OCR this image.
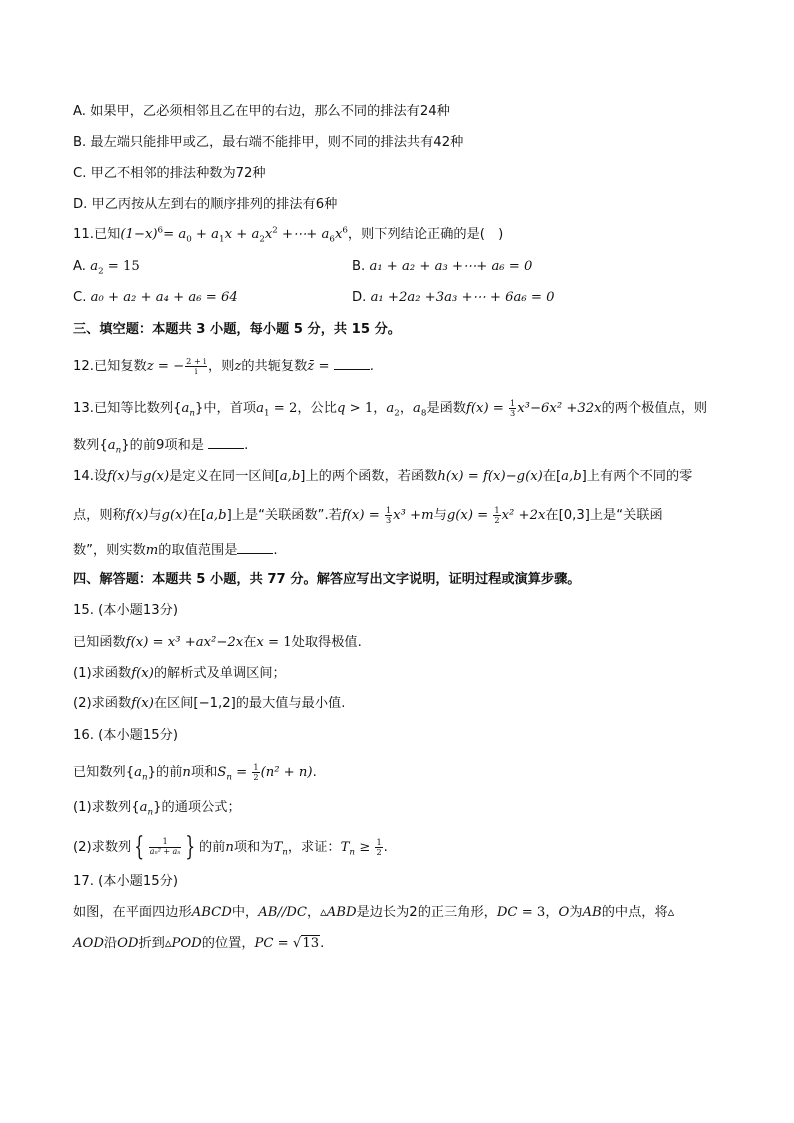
A. 如果甲，乙必须相邻且乙在甲的右边，那么不同的排法有24种
B. 最左端只能排甲或乙，最右端不能排甲，则不同的排法共有42种
C. 甲乙不相邻的排法种数为72种
D. 甲乙丙按从左到右的顺序排列的排法有6种
11.已知$(1-x)^6= a_0 + a_1x + a_2x^2$ +⋯+ $a_6x^6$，则下列结论正确的是(　)
A. $a_2 = 15$	B. a₁ + a₂ + a₃ +⋯+ a₆ = 0
C. a₀ + a₂ + a₄ + a₆ = 64	D. a₁ +2a₂ +3a₃ +⋯ + 6a₆ = 0
三、填空题：本题共 3 小题，每小题 5 分，共 15 分。
12.已知复数z = − $\frac{2 + i}{i}$ ，则z的共轭复数z̄ =	.
13.已知等比数列$\{a_n\}$中，首项$a_1 = 2$，公比q > 1，$a_2$，$a_8$是函数$f(x) = \frac{1}{3} x^3-6x^2 +32x$的两个极值点，则
数列$\{a_n\}$的前9项和是	.
14.设f(x)与g(x)是定义在同一区间[a,b]上的两个函数，若函数h(x) = f(x)−g(x)在[a,b]上有两个不同的零
点，则称f(x)与g(x)在[a,b]上是“关联函数”.若$f(x) = \frac{1}{3} x^3 +m$与$g(x) = \frac{1}{2} x^2 +2x$在[0,3]上是“关联函
数”，则实数m的取值范围是	.
四、解答题：本题共 5 小题，共 77 分。解答应写出文字说明，证明过程或演算步骤。
15. (本小题13分)
已知函数f(x) = x³ +ax²−2x在x = 1处取得极值.
(1)求函数f(x)的解析式及单调区间；
(2)求函数f(x)在区间[−1,2]的最大值与最小值.
16. (本小题15分)
已知数列$\{a_n\}$的前n项和$S_n = \frac{1}{2} (n^2 + n)$.
(1)求数列$\{a_n\}$的通项公式；
(2)求数列 { $\frac{1}{\text{aₙ² + aₙ}}$ } 的前n项和为$T_n$，求证：$T_n \ge \frac{1}{2}$ .
17. (本小题15分)
如图，在平面四边形ABCD中，AB//DC，▵ABD是边长为2的正三角形，DC = 3，O为AB的中点，将▵
AOD沿OD折到▵POD的位置，PC = √13.
